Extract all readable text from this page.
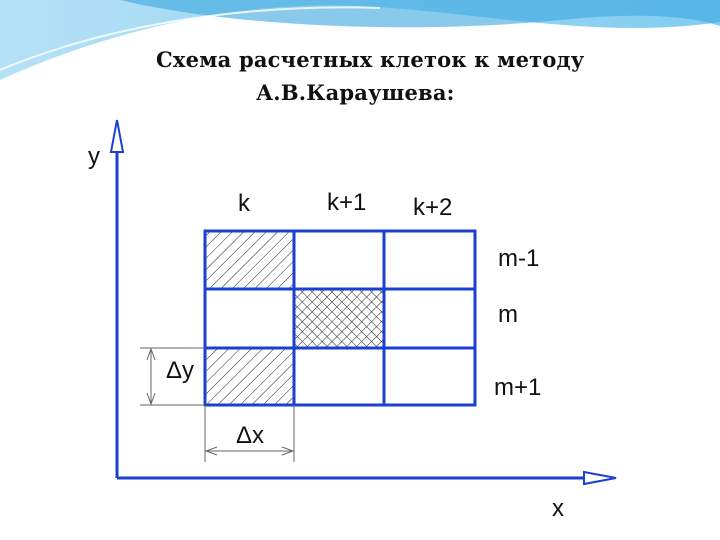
y
x
k	k+1 k+2
m-1
m
m+1
Δy
Δx
Схема расчетных клеток к методу
А.В.Караушева:
